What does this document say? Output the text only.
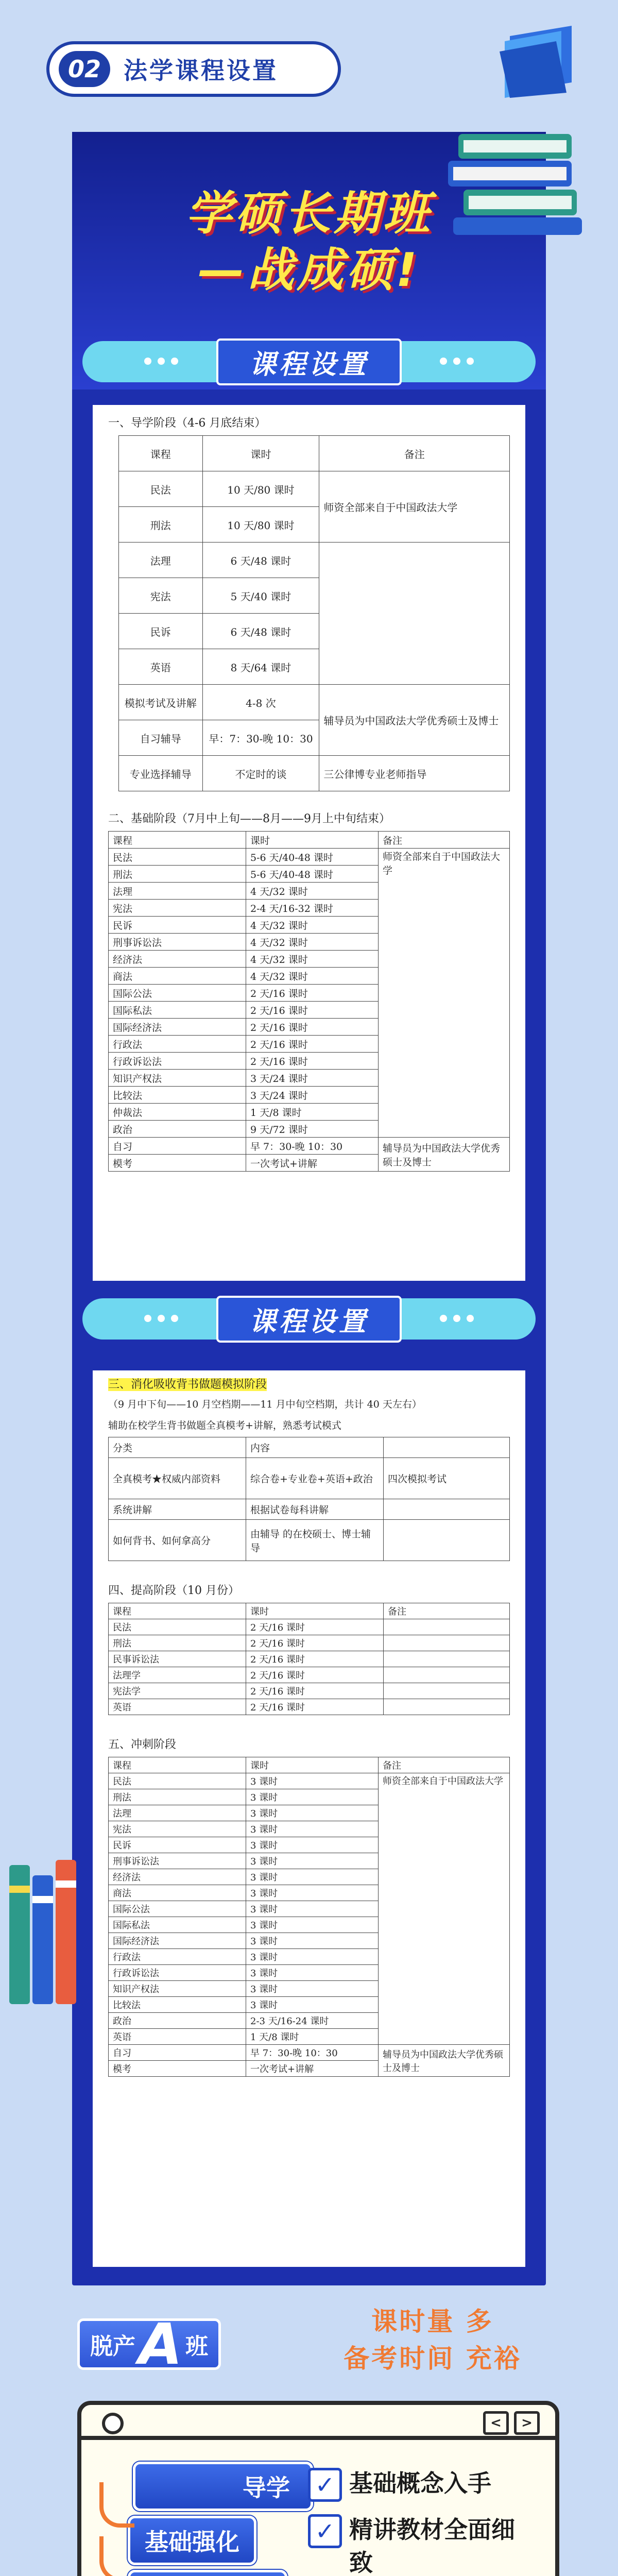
02 法学课程设置
学硕长期班
—战成硕!
课程设置
一、导学阶段（4-6 月底结束）
课程	课时	备注
民法	10 天/80 课时	师资全部来自于中国政法大学
刑法	10 天/80 课时	
法理	6 天/48 课时	
宪法	5 天/40 课时	
民诉	6 天/48 课时	
英语	8 天/64 课时	
模拟考试及讲解	4-8 次	辅导员为中国政法大学优秀硕士及博士
自习辅导	早：7：30-晚 10：30	
专业选择辅导	不定时的谈	三公律博专业老师指导
二、基础阶段（7月中上旬——8月——9月上中旬结束）
课程	课时	备注
民法	5-6 天/40-48 课时	师资全部来自于中国政法大学
刑法	5-6 天/40-48 课时	
法理	4 天/32 课时	
宪法	2-4 天/16-32 课时	
民诉	4 天/32 课时	
刑事诉讼法	4 天/32 课时	
经济法	4 天/32 课时	
商法	4 天/32 课时	
国际公法	2 天/16 课时	
国际私法	2 天/16 课时	
国际经济法	2 天/16 课时	
行政法	2 天/16 课时	
行政诉讼法	2 天/16 课时	
知识产权法	3 天/24 课时	
比较法	3 天/24 课时	
仲裁法	1 天/8 课时	
政治	9 天/72 课时	
自习	早 7：30-晚 10：30	辅导员为中国政法大学优秀硕士及博士
模考	一次考试+讲解	
课程设置
三、消化吸收背书做题模拟阶段
（9 月中下旬——10 月空档期——11 月中旬空档期，共计 40 天左右）
辅助在校学生背书做题全真模考+讲解，熟悉考试模式
分类	内容	
全真模考★权威内部资料	综合卷+专业卷+英语+政治	四次模拟考试
系统讲解	根据试卷每科讲解	
如何背书、如何拿高分	由辅导 的在校硕士、博士辅导	
四、提高阶段（10 月份）
课程	课时	备注
民法	2 天/16 课时	
刑法	2 天/16 课时	
民事诉讼法	2 天/16 课时	
法理学	2 天/16 课时	
宪法学	2 天/16 课时	
英语	2 天/16 课时	
五、冲刺阶段
课程	课时	备注
民法	3 课时	师资全部来自于中国政法大学
刑法	3 课时	
法理	3 课时	
宪法	3 课时	
民诉	3 课时	
刑事诉讼法	3 课时	
经济法	3 课时	
商法	3 课时	
国际公法	3 课时	
国际私法	3 课时	
国际经济法	3 课时	
行政法	3 课时	
行政诉讼法	3 课时	
知识产权法	3 课时	
比较法	3 课时	
政治	2-3 天/16-24 课时	
英语	1 天/8 课时	
自习	早 7：30-晚 10：30	辅导员为中国政法大学优秀硕士及博士
模考	一次考试+讲解	
脱产 A 班
课时量 多
备考时间 充裕
<	>
导学
基础强化
✓ 基础概念入手
✓ 精讲教材全面细致
